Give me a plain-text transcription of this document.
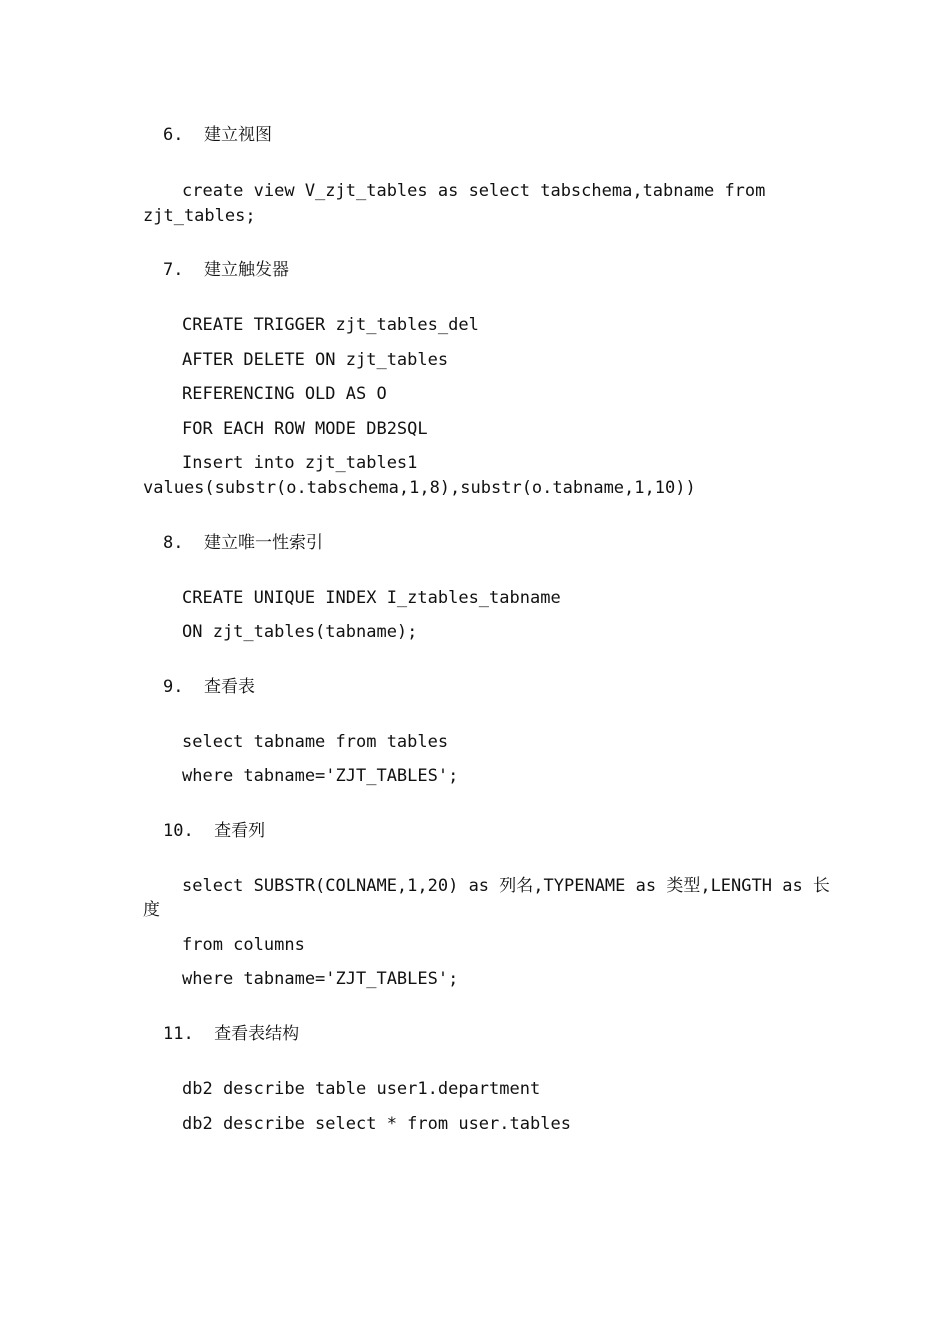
6.  建立视图
create view V_zjt_tables as select tabschema,tabname from
zjt_tables;
7.  建立触发器
CREATE TRIGGER zjt_tables_del
AFTER DELETE ON zjt_tables
REFERENCING OLD AS O
FOR EACH ROW MODE DB2SQL
Insert into zjt_tables1
values(substr(o.tabschema,1,8),substr(o.tabname,1,10))
8.  建立唯一性索引
CREATE UNIQUE INDEX I_ztables_tabname
ON zjt_tables(tabname);
9.  查看表
select tabname from tables
where tabname='ZJT_TABLES';
10.  查看列
select SUBSTR(COLNAME,1,20) as 列名,TYPENAME as 类型,LENGTH as 长
度
from columns
where tabname='ZJT_TABLES';
11.  查看表结构
db2 describe table user1.department
db2 describe select * from user.tables
